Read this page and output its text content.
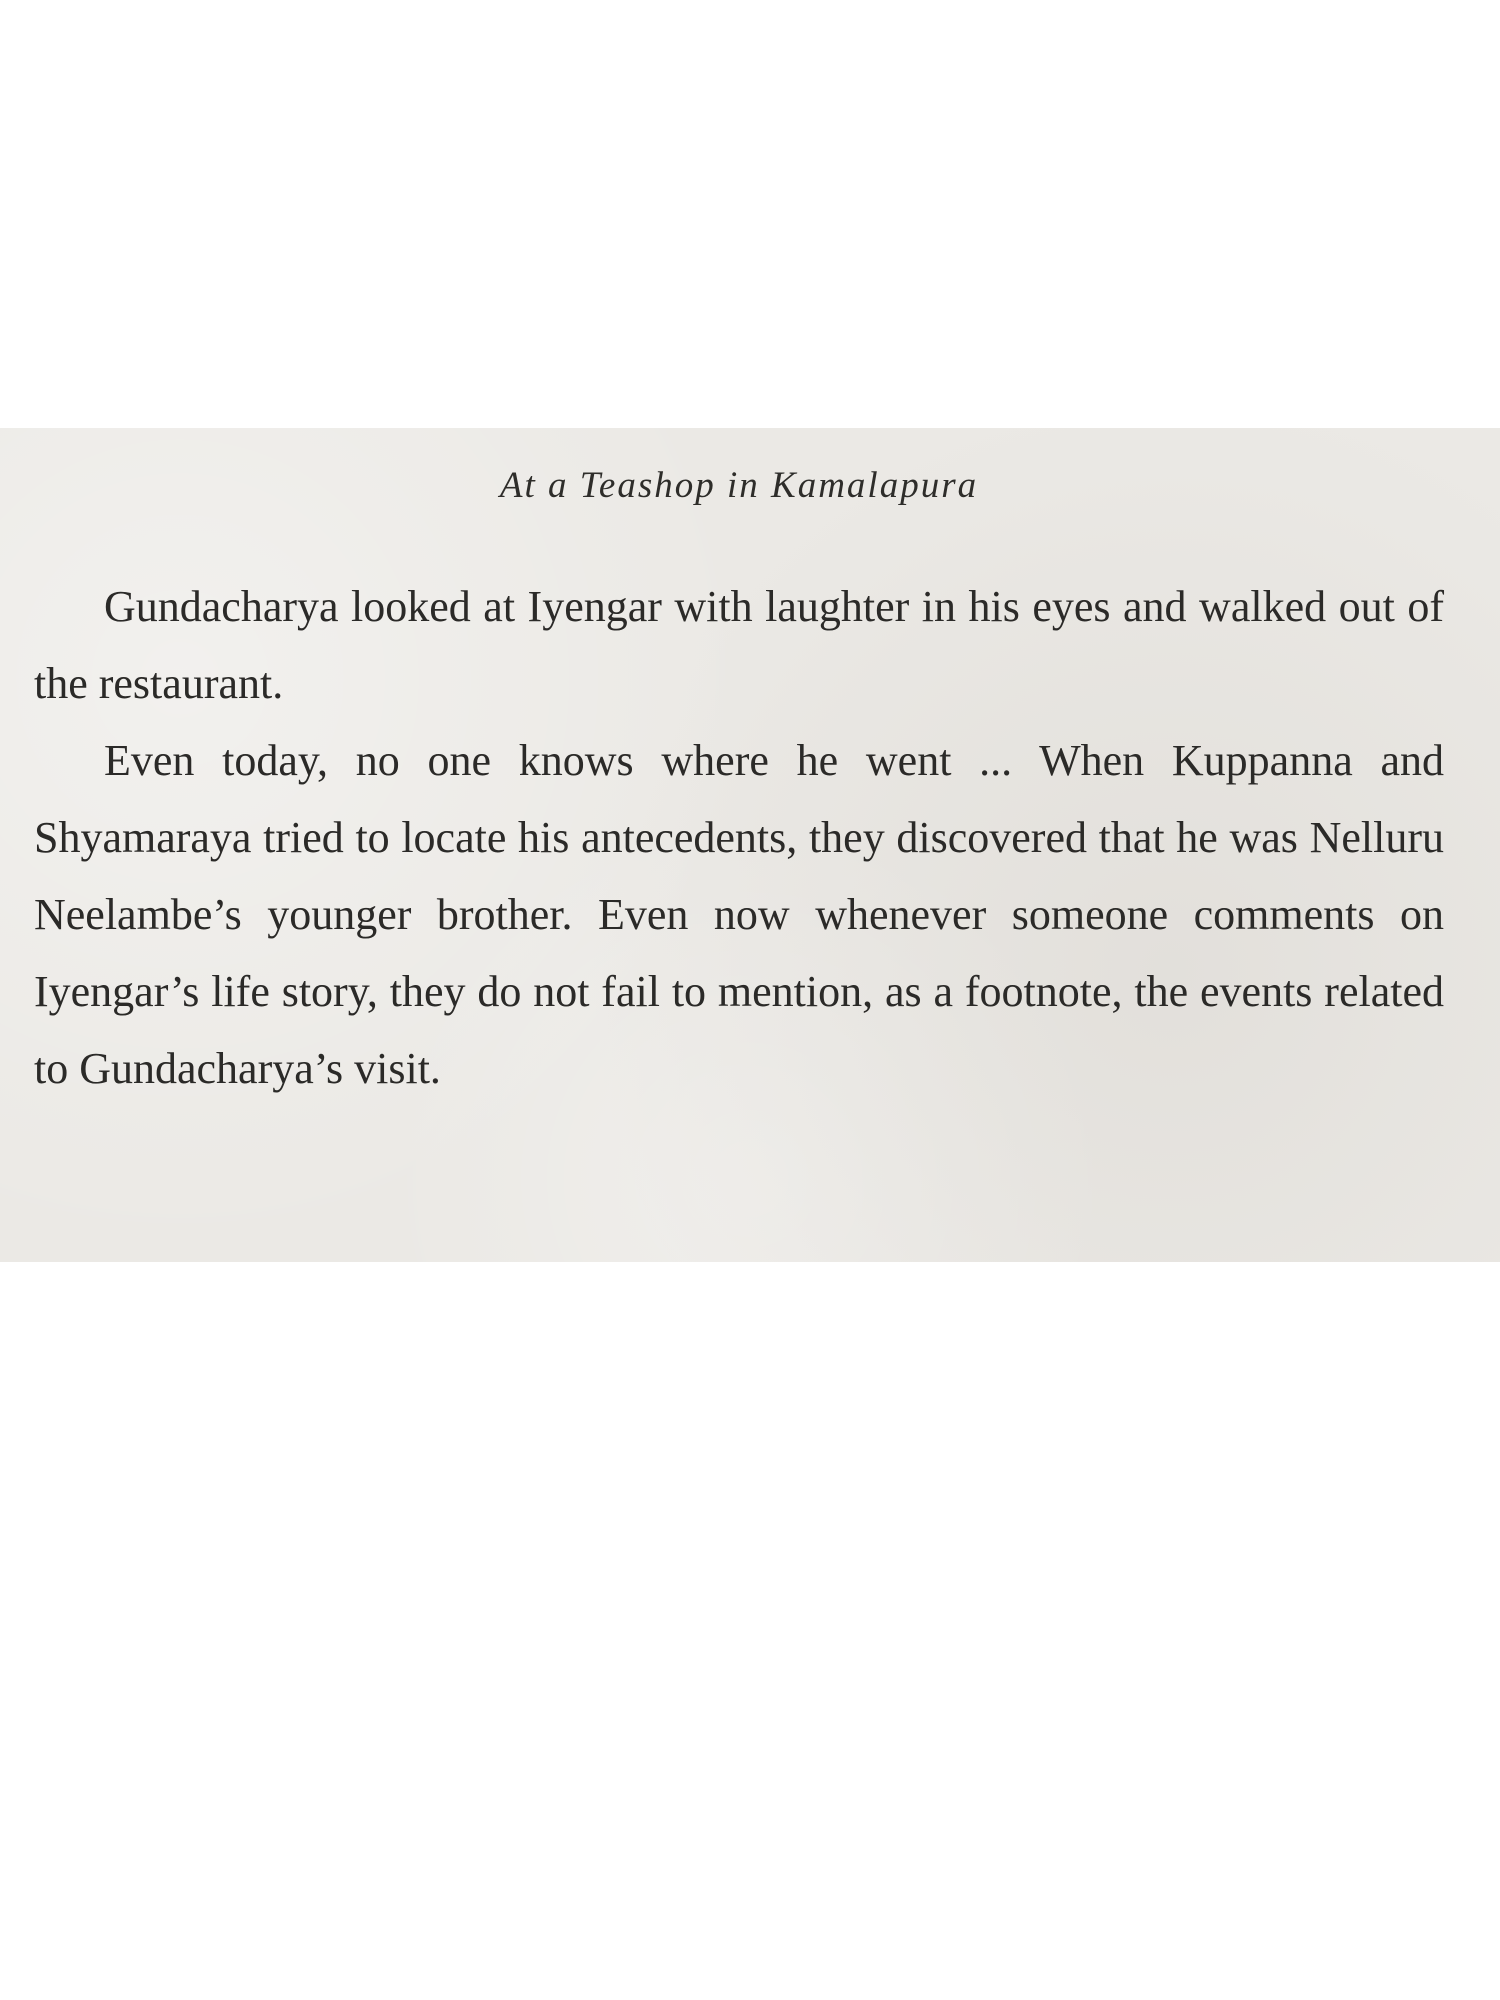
At a Teashop in Kamalapura

Gundacharya looked at Iyengar with laughter in his eyes and walked out of the restaurant.

Even today, no one knows where he went ... When Kuppanna and Shyamaraya tried to locate his antecedents, they discovered that he was Nelluru Neelambe’s younger brother. Even now whenever someone comments on Iyengar’s life story, they do not fail to mention, as a footnote, the events related to Gundacharya’s visit.
